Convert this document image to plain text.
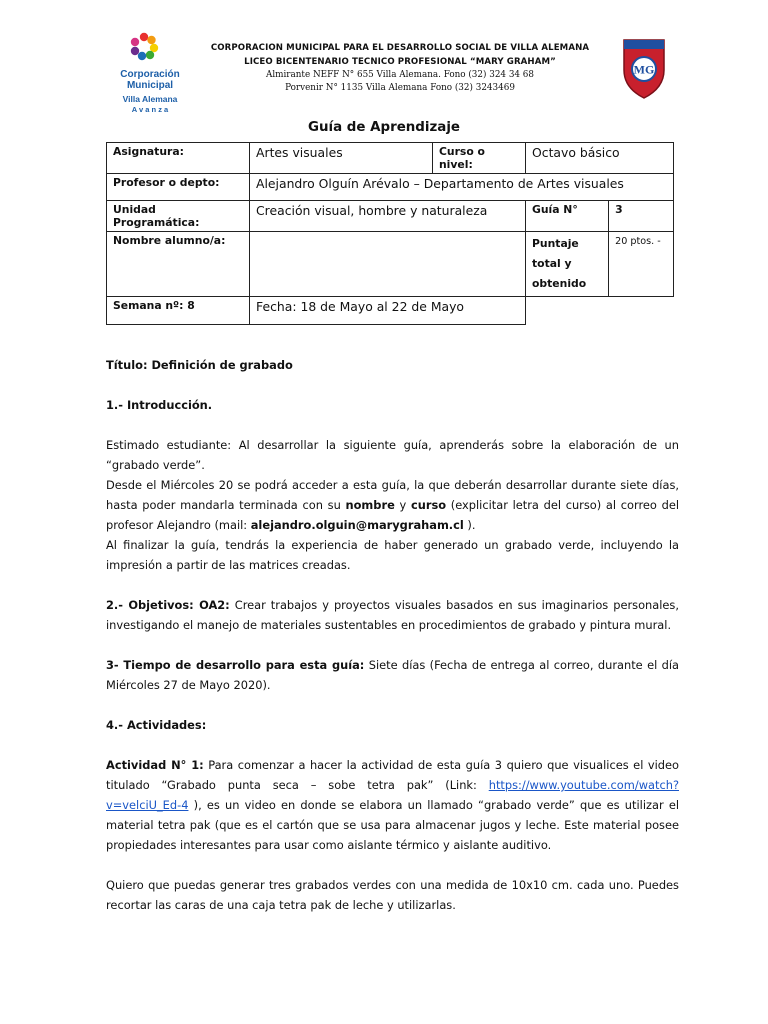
Corporación
Municipal
Villa Alemana
A v a n z a
MG
CORPORACION MUNICIPAL PARA EL DESARROLLO SOCIAL DE VILLA ALEMANA
LICEO BICENTENARIO TECNICO PROFESIONAL “MARY GRAHAM”
Almirante NEFF N° 655 Villa Alemana. Fono (32) 324 34 68
Porvenir N° 1135 Villa Alemana Fono (32) 3243469
Guía de Aprendizaje
Asignatura:	Artes visuales	Curso o nivel:	Octavo básico	
Profesor o depto:	Alejandro Olguín Arévalo – Departamento de Artes visuales			
Unidad Programática:	Creación visual, hombre y naturaleza		Guía N°	3
Nombre alumno/a:			Puntaje total y obtenido	20 ptos. -
Semana nº: 8	Fecha: 18 de Mayo al 22 de Mayo			

Título: Definición de grabado

1.- Introducción.

Estimado estudiante: Al desarrollar la siguiente guía, aprenderás sobre la elaboración de un “grabado verde”.

Desde el Miércoles 20 se podrá acceder a esta guía, la que deberán desarrollar durante siete días, hasta poder mandarla terminada con su nombre y curso (explicitar letra del curso) al correo del profesor Alejandro (mail: alejandro.olguin@marygraham.cl ).

Al finalizar la guía, tendrás la experiencia de haber generado un grabado verde, incluyendo la impresión a partir de las matrices creadas.

2.- Objetivos: OA2: Crear trabajos y proyectos visuales basados en sus imaginarios personales, investigando el manejo de materiales sustentables en procedimientos de grabado y pintura mural.

3- Tiempo de desarrollo para esta guía: Siete días (Fecha de entrega al correo, durante el día Miércoles 27 de Mayo 2020).

4.- Actividades:

Actividad N° 1: Para comenzar a hacer la actividad de esta guía 3 quiero que visualices el video titulado “Grabado punta seca – sobe tetra pak” (Link: https://www.youtube.com/watch?v=velciU_Ed-4 ), es un video en donde se elabora un llamado “grabado verde” que es utilizar el material tetra pak (que es el cartón que se usa para almacenar jugos y leche. Este material posee propiedades interesantes para usar como aislante térmico y aislante auditivo.

Quiero que puedas generar tres grabados verdes con una medida de 10x10 cm. cada uno. Puedes recortar las caras de una caja tetra pak de leche y utilizarlas.
